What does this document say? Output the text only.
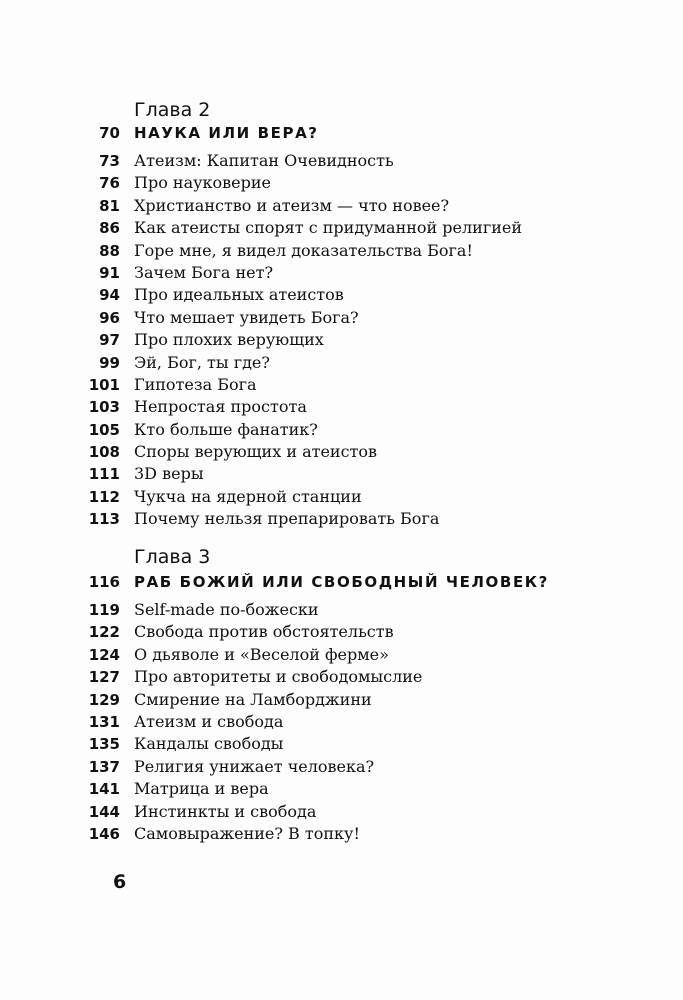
Глава 2
70 НАУКА ИЛИ ВЕРА?
73 Атеизм: Капитан Очевидность
76 Про науковерие
81 Христианство и атеизм — что новее?
86 Как атеисты спорят с придуманной религией
88 Горе мне, я видел доказательства Бога!
91 Зачем Бога нет?
94 Про идеальных атеистов
96 Что мешает увидеть Бога?
97 Про плохих верующих
99 Эй, Бог, ты где?
101 Гипотеза Бога
103 Непростая простота
105 Кто больше фанатик?
108 Споры верующих и атеистов
111 3D веры
112 Чукча на ядерной станции
113 Почему нельзя препарировать Бога
Глава 3
116 РАБ БОЖИЙ ИЛИ СВОБОДНЫЙ ЧЕЛОВЕК?
119 Self-made по-божески
122 Свобода против обстоятельств
124 О дьяволе и «Веселой ферме»
127 Про авторитеты и свободомыслие
129 Смирение на Ламборджини
131 Атеизм и свобода
135 Кандалы свободы
137 Религия унижает человека?
141 Матрица и вера
144 Инстинкты и свобода
146 Самовыражение? В топку!
6
